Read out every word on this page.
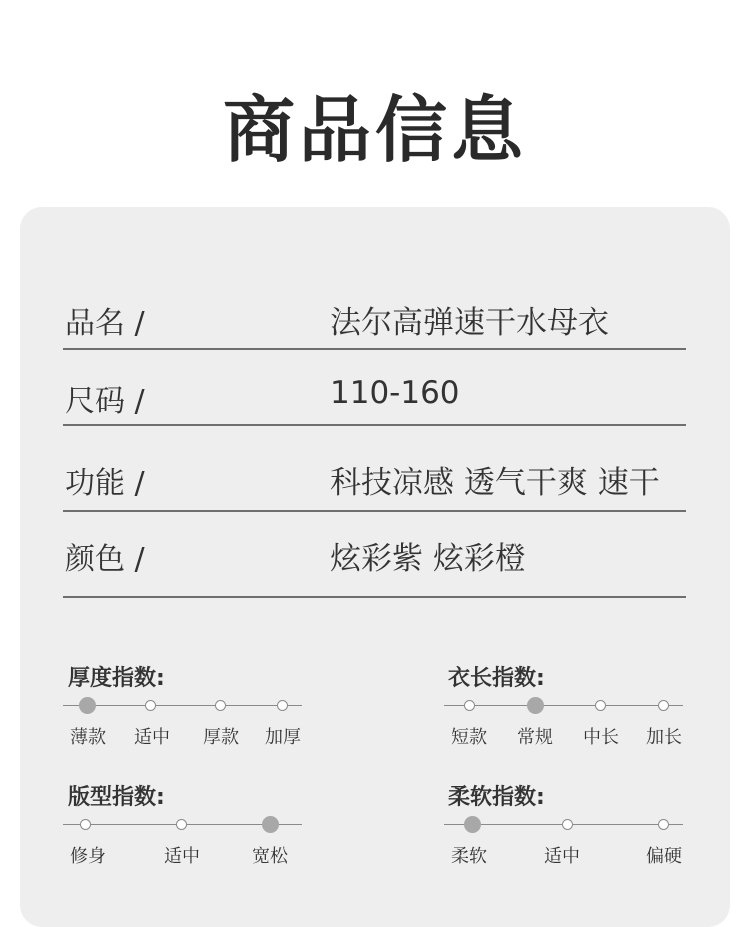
商品信息
品名 /	法尔高弹速干水母衣
尺码 /	110-160
功能 /	科技凉感 透气干爽 速干
颜色 /	炫彩紫 炫彩橙
厚度指数:	衣长指数:
版型指数:	柔软指数:
薄款 适中 厚款 加厚	短款 常规 中长 加长
修身	适中	宽松	柔软	适中	偏硬
